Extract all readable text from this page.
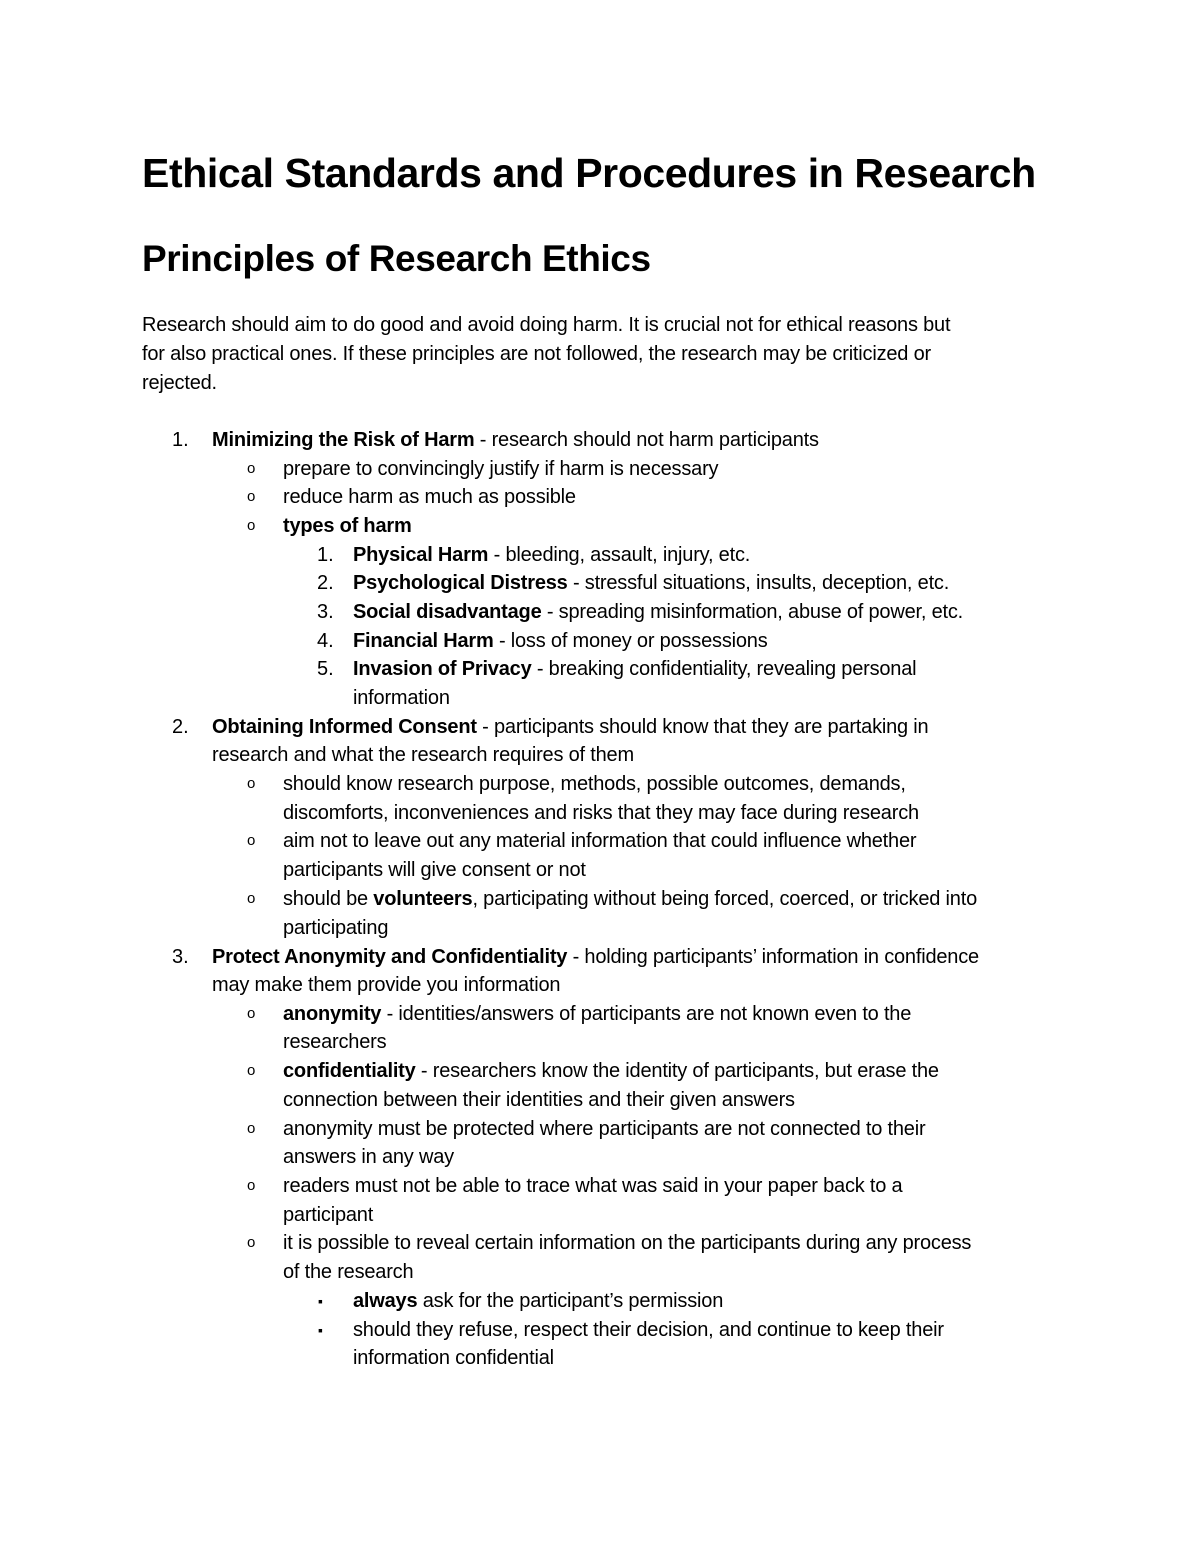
Ethical Standards and Procedures in Research
Principles of Research Ethics
Research should aim to do good and avoid doing harm. It is crucial not for ethical reasons but
for also practical ones. If these principles are not followed, the research may be criticized or
rejected.
1. Minimizing the Risk of Harm - research should not harm participants
o prepare to convincingly justify if harm is necessary
o reduce harm as much as possible
o types of harm
1. Physical Harm - bleeding, assault, injury, etc.
2. Psychological Distress - stressful situations, insults, deception, etc.
3. Social disadvantage - spreading misinformation, abuse of power, etc.
4. Financial Harm - loss of money or possessions
5. Invasion of Privacy - breaking confidentiality, revealing personal
information
2. Obtaining Informed Consent - participants should know that they are partaking in
research and what the research requires of them
o should know research purpose, methods, possible outcomes, demands,
discomforts, inconveniences and risks that they may face during research
o aim not to leave out any material information that could influence whether
participants will give consent or not
o should be volunteers, participating without being forced, coerced, or tricked into
participating
3. Protect Anonymity and Confidentiality - holding participants’ information in confidence
may make them provide you information
o anonymity - identities/answers of participants are not known even to the
researchers
o confidentiality - researchers know the identity of participants, but erase the
connection between their identities and their given answers
o anonymity must be protected where participants are not connected to their
answers in any way
o readers must not be able to trace what was said in your paper back to a
participant
o it is possible to reveal certain information on the participants during any process
of the research
▪ always ask for the participant’s permission
▪ should they refuse, respect their decision, and continue to keep their
information confidential
